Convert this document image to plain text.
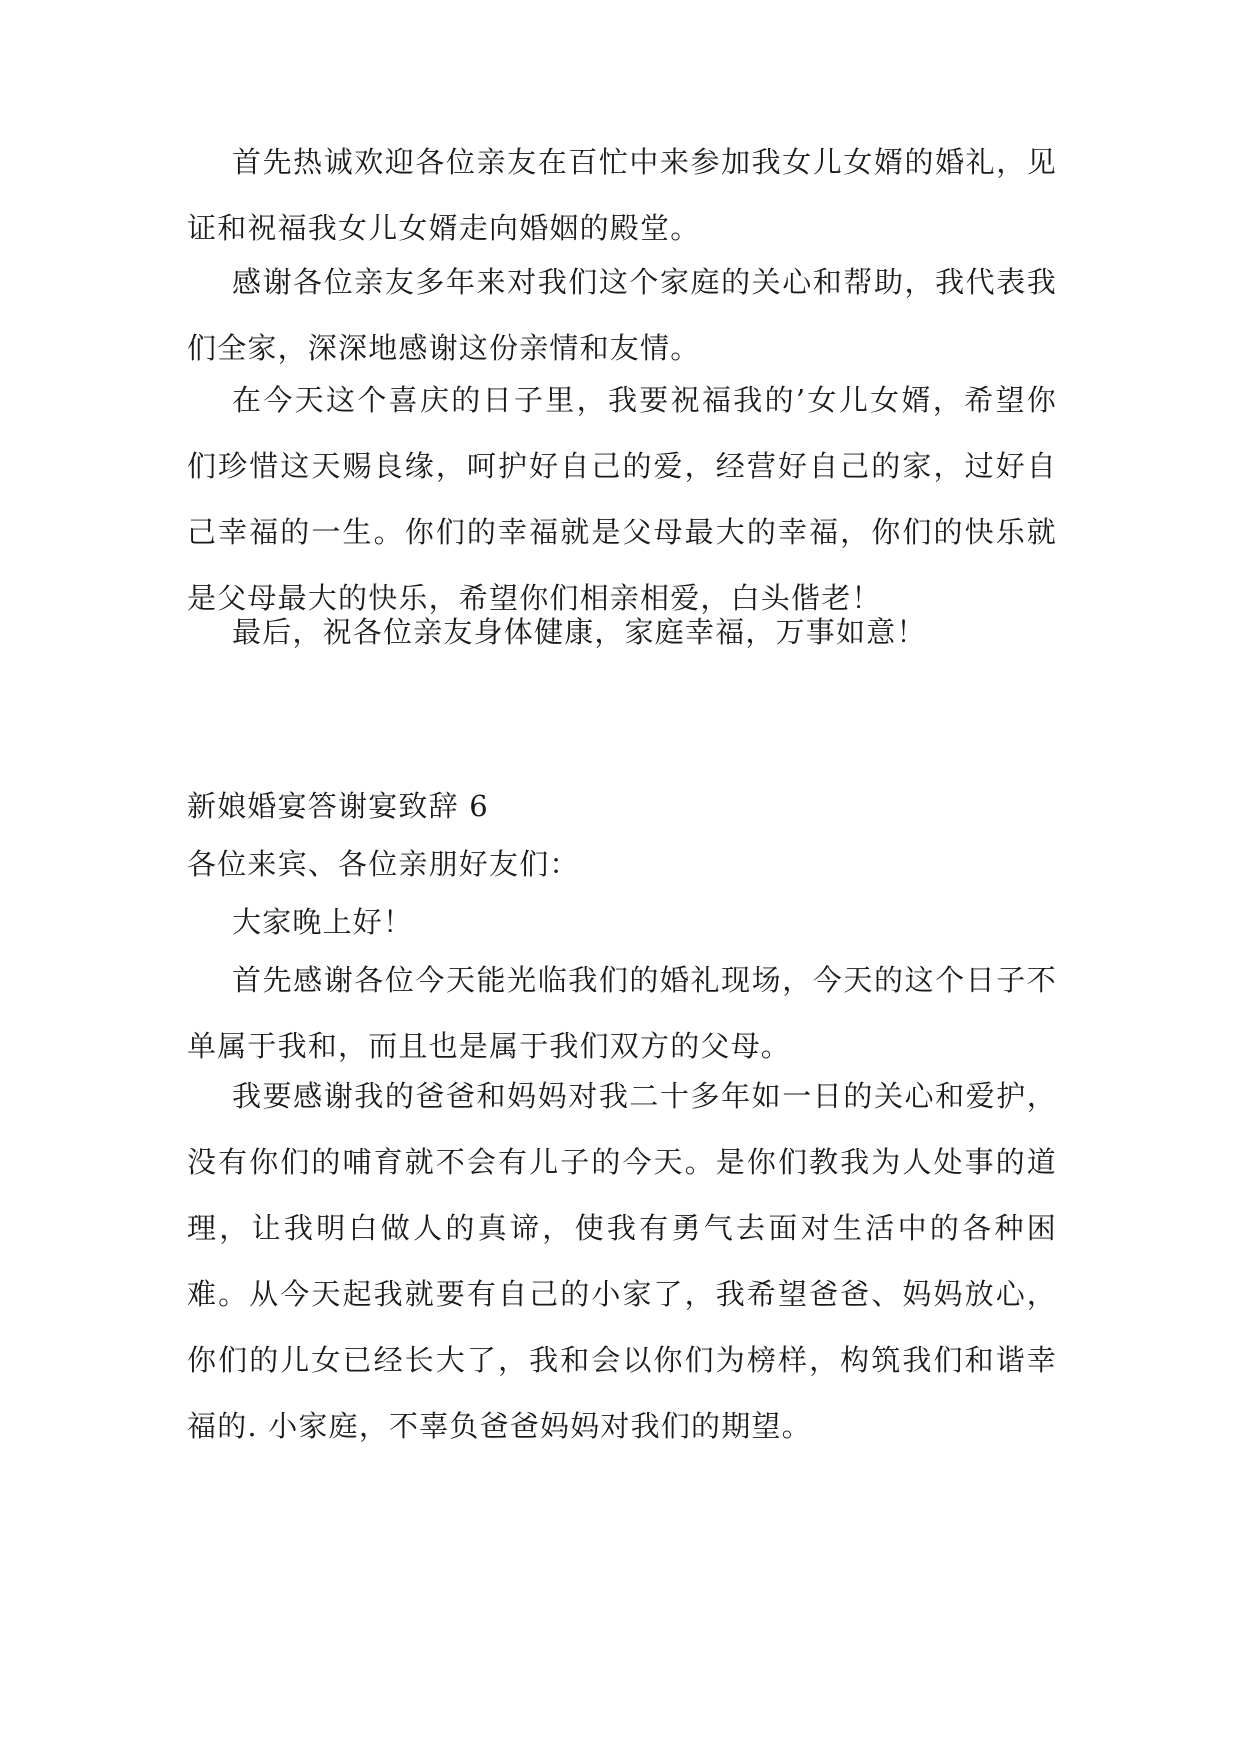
首先热诚欢迎各位亲友在百忙中来参加我女儿女婿的婚礼，见证和祝福我女儿女婿走向婚姻的殿堂。

感谢各位亲友多年来对我们这个家庭的关心和帮助，我代表我们全家，深深地感谢这份亲情和友情。

在今天这个喜庆的日子里，我要祝福我的’女儿女婿，希望你们珍惜这天赐良缘，呵护好自己的爱，经营好自己的家，过好自己幸福的一生。你们的幸福就是父母最大的幸福，你们的快乐就是父母最大的快乐，希望你们相亲相爱，白头偕老！

最后，祝各位亲友身体健康，家庭幸福，万事如意！

新娘婚宴答谢宴致辞 6

各位来宾、各位亲朋好友们：

大家晚上好！

首先感谢各位今天能光临我们的婚礼现场，今天的这个日子不单属于我和，而且也是属于我们双方的父母。

我要感谢我的爸爸和妈妈对我二十多年如一日的关心和爱护，没有你们的哺育就不会有儿子的今天。是你们教我为人处事的道理，让我明白做人的真谛，使我有勇气去面对生活中的各种困难。从今天起我就要有自己的小家了，我希望爸爸、妈妈放心，你们的儿女已经长大了，我和会以你们为榜样，构筑我们和谐幸福的. 小家庭，不辜负爸爸妈妈对我们的期望。
